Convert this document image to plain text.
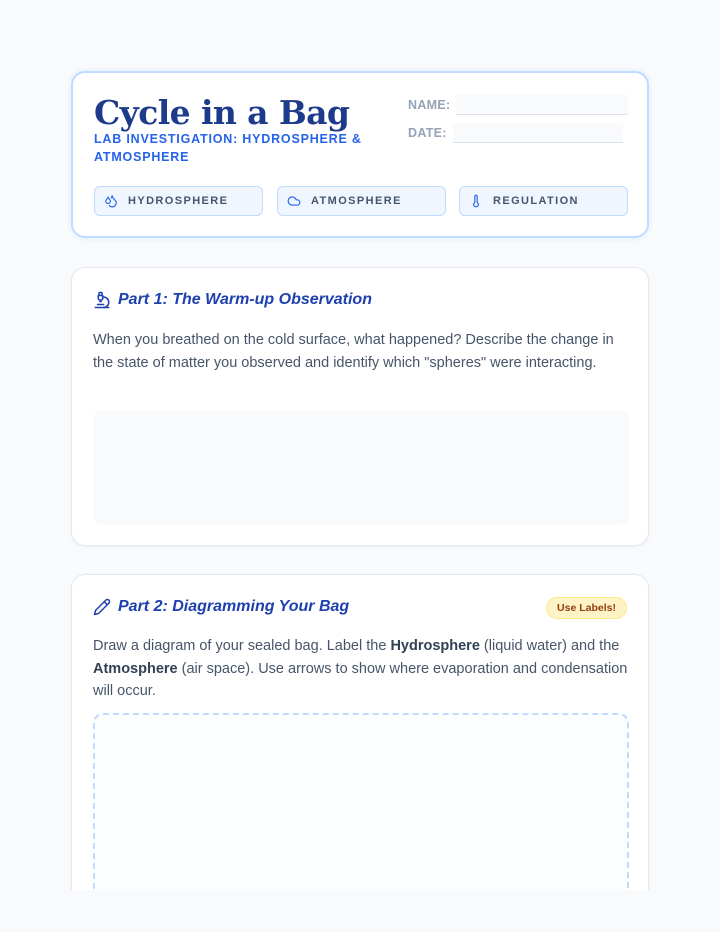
Cycle in a Bag
LAB INVESTIGATION: HYDROSPHERE & ATMOSPHERE
NAME:
DATE:
HYDROSPHERE	ATMOSPHERE	REGULATION
Part 1: The Warm-up Observation
When you breathed on the cold surface, what happened? Describe the change in the state of matter you observed and identify which "spheres" were interacting.
Part 2: Diagramming Your Bag	Use Labels!
Draw a diagram of your sealed bag. Label the Hydrosphere (liquid water) and the Atmosphere (air space). Use arrows to show where evaporation and condensation will occur.
